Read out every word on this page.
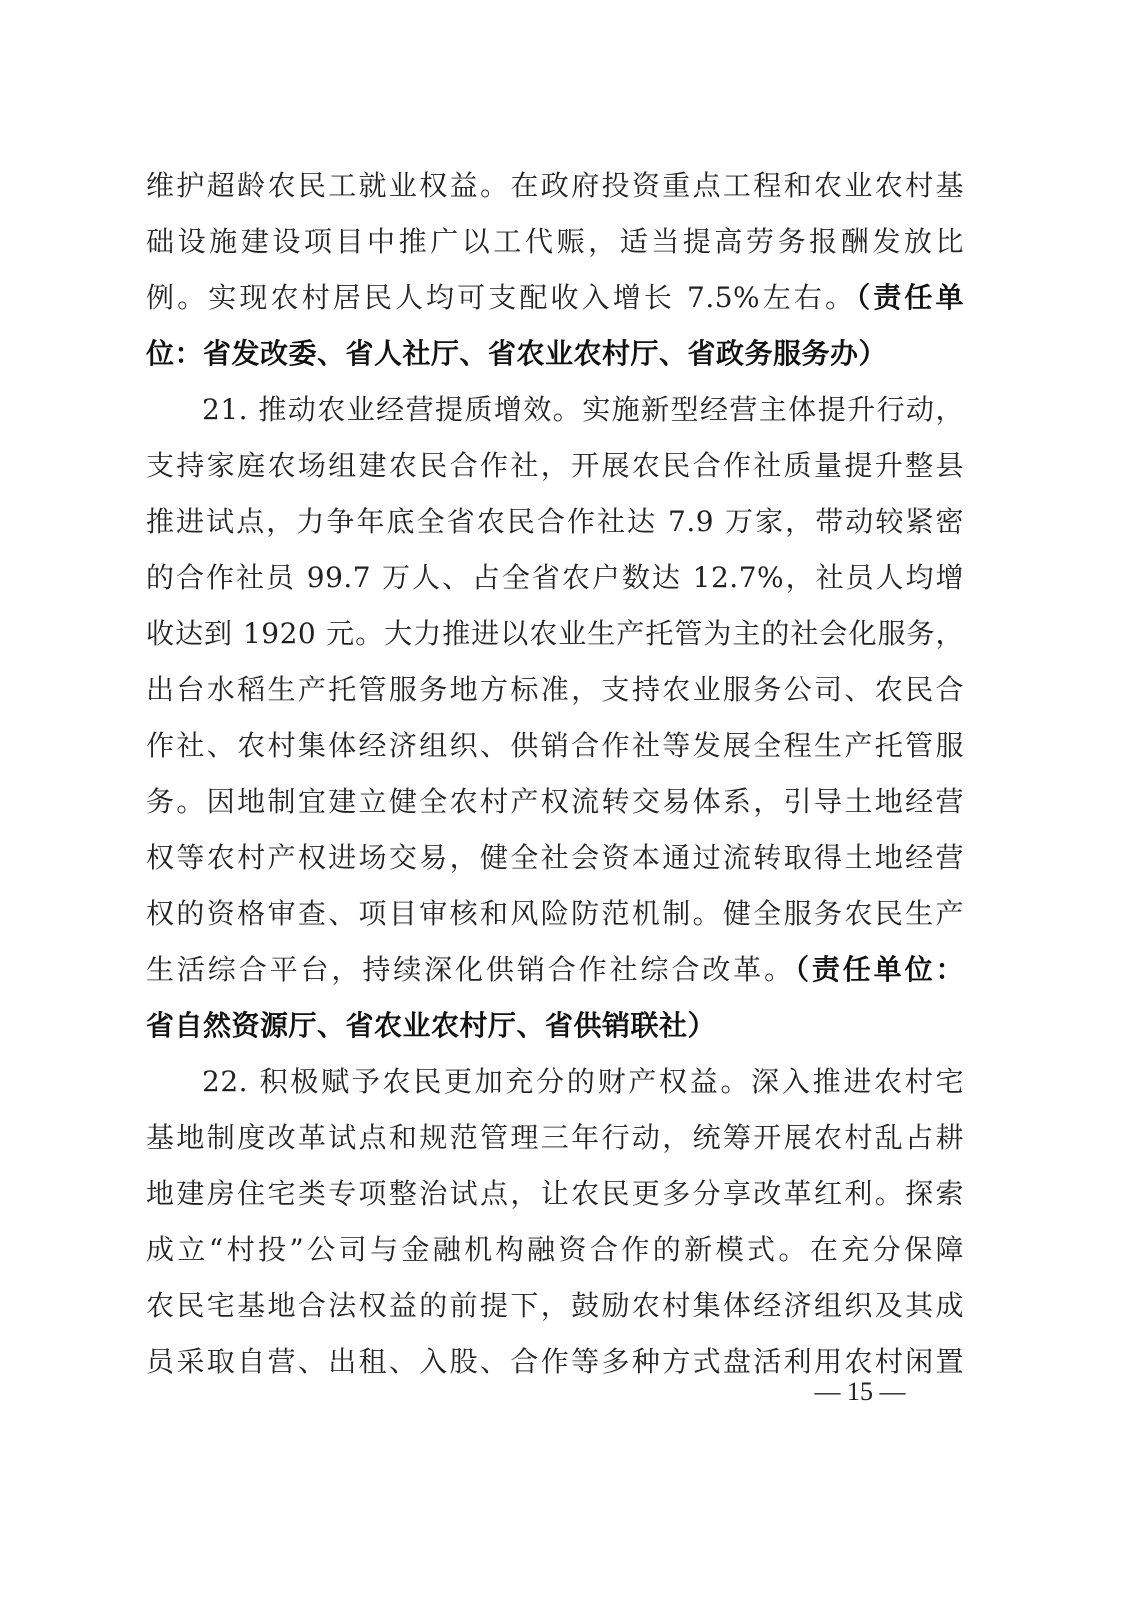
维护超龄农民工就业权益。在政府投资重点工程和农业农村基
础设施建设项目中推广以工代赈，适当提高劳务报酬发放比
例。实现农村居民人均可支配收入增长 7.5%左右。（责任单
位：省发改委、省人社厅、省农业农村厅、省政务服务办）
21. 推动农业经营提质增效。实施新型经营主体提升行动，
支持家庭农场组建农民合作社，开展农民合作社质量提升整县
推进试点，力争年底全省农民合作社达 7.9 万家，带动较紧密
的合作社员 99.7 万人、占全省农户数达 12.7%，社员人均增
收达到 1920 元。大力推进以农业生产托管为主的社会化服务，
出台水稻生产托管服务地方标准，支持农业服务公司、农民合
作社、农村集体经济组织、供销合作社等发展全程生产托管服
务。因地制宜建立健全农村产权流转交易体系，引导土地经营
权等农村产权进场交易，健全社会资本通过流转取得土地经营
权的资格审查、项目审核和风险防范机制。健全服务农民生产
生活综合平台，持续深化供销合作社综合改革。（责任单位：
省自然资源厅、省农业农村厅、省供销联社）
22. 积极赋予农民更加充分的财产权益。深入推进农村宅
基地制度改革试点和规范管理三年行动，统筹开展农村乱占耕
地建房住宅类专项整治试点，让农民更多分享改革红利。探索
成立“村投”公司与金融机构融资合作的新模式。在充分保障
农民宅基地合法权益的前提下，鼓励农村集体经济组织及其成
员采取自营、出租、入股、合作等多种方式盘活利用农村闲置
— 15 —
